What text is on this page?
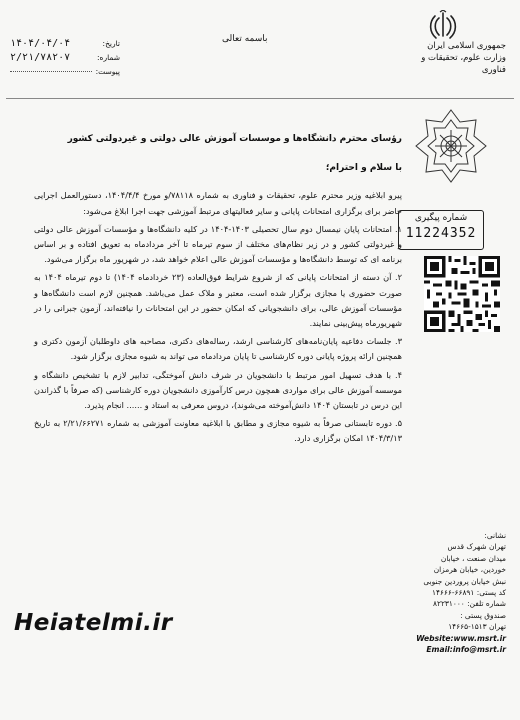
جمهوری اسلامی ایران
وزارت علوم، تحقیقات و فناوری
باسمه تعالی
تاریخ:
۱۴۰۴/۰۴/۰۴
شماره:
۲/۲۱/۷۸۲۰۷
پیوست:
شماره پیگیری
11224352

رؤسای محترم دانشگاه‌ها و موسسات آموزش عالی دولتی و غیردولتی کشور

با سلام و احترام؛

پیرو ابلاغیه وزیر محترم علوم، تحقیقات و فناوری به شماره ۷۸۱۱۸/و مورخ ۱۴۰۴/۴/۴، دستورالعمل اجرایی حاضر برای برگزاری امتحانات پایانی و سایر فعالیتهای مرتبط آموزشی جهت اجرا ابلاغ می‌شود:

۱. امتحانات پایان نیمسال دوم سال تحصیلی ۱۴۰۳-۱۴۰۴ در کلیه دانشگاه‌ها و مؤسسات آموزش عالی دولتی و غیردولتی کشور و در زیر نظام‌های مختلف از سوم تیرماه تا آخر مردادماه به تعویق افتاده و بر اساس برنامه ای که توسط دانشگاه‌ها و مؤسسات آموزش عالی اعلام خواهد شد، در شهریور ماه برگزار می‌شود.

۲. آن دسته از امتحانات پایانی که از شروع شرایط فوق‌العاده (۲۳ خردادماه ۱۴۰۴) تا دوم تیرماه ۱۴۰۴ به صورت حضوری یا مجازی برگزار شده است، معتبر و ملاک عمل می‌باشد. همچنین لازم است دانشگاه‌ها و مؤسسات آموزش عالی، برای دانشجویانی که امکان حضور در این امتحانات را نیافته‌اند، آزمون جبرانی را در شهریورماه پیش‌بینی نمایند.

۳. جلسات دفاعیه پایان‌نامه‌های کارشناسی ارشد، رساله‌های دکتری، مصاحبه های داوطلبان آزمون دکتری و همچنین ارائه پروژه پایانی دوره کارشناسی تا پایان مردادماه می تواند به شیوه مجازی برگزار شود.

۴. با هدف تسهیل امور مرتبط با دانشجویان در شرف دانش آموختگی، تدابیر لازم با تشخیص دانشگاه و موسسه آموزش عالی برای مواردی همچون درس کارآموزی دانشجویان دوره کارشناسی (که صرفاً با گذراندن این درس در تابستان ۱۴۰۴ دانش‌آموخته می‌شوند)، دروس معرفی به استاد و ...... انجام پذیرد.

۵. دوره تابستانی صرفاً به شیوه مجازی و مطابق با ابلاغیه معاونت آموزشی به شماره ۲/۲۱/۶۶۲۷۱ به تاریخ ۱۴۰۴/۳/۱۳ امکان برگزاری دارد.

نشانی:
تهران شهرک قدس
میدان صنعت ، خیابان
خوردین، خیابان هرمزان
نبش خیابان پروردین جنوبی
کد پستی: ۶۶۸۹۱-۱۴۶۶۶
شماره تلفن: ۸۲۲۳۱۰۰۰
صندوق پستی :
تهران ۱۵۱۳-۱۴۶۶۵
Website:www.msrt.ir
Email:info@msrt.ir
Heiatelmi.ir
